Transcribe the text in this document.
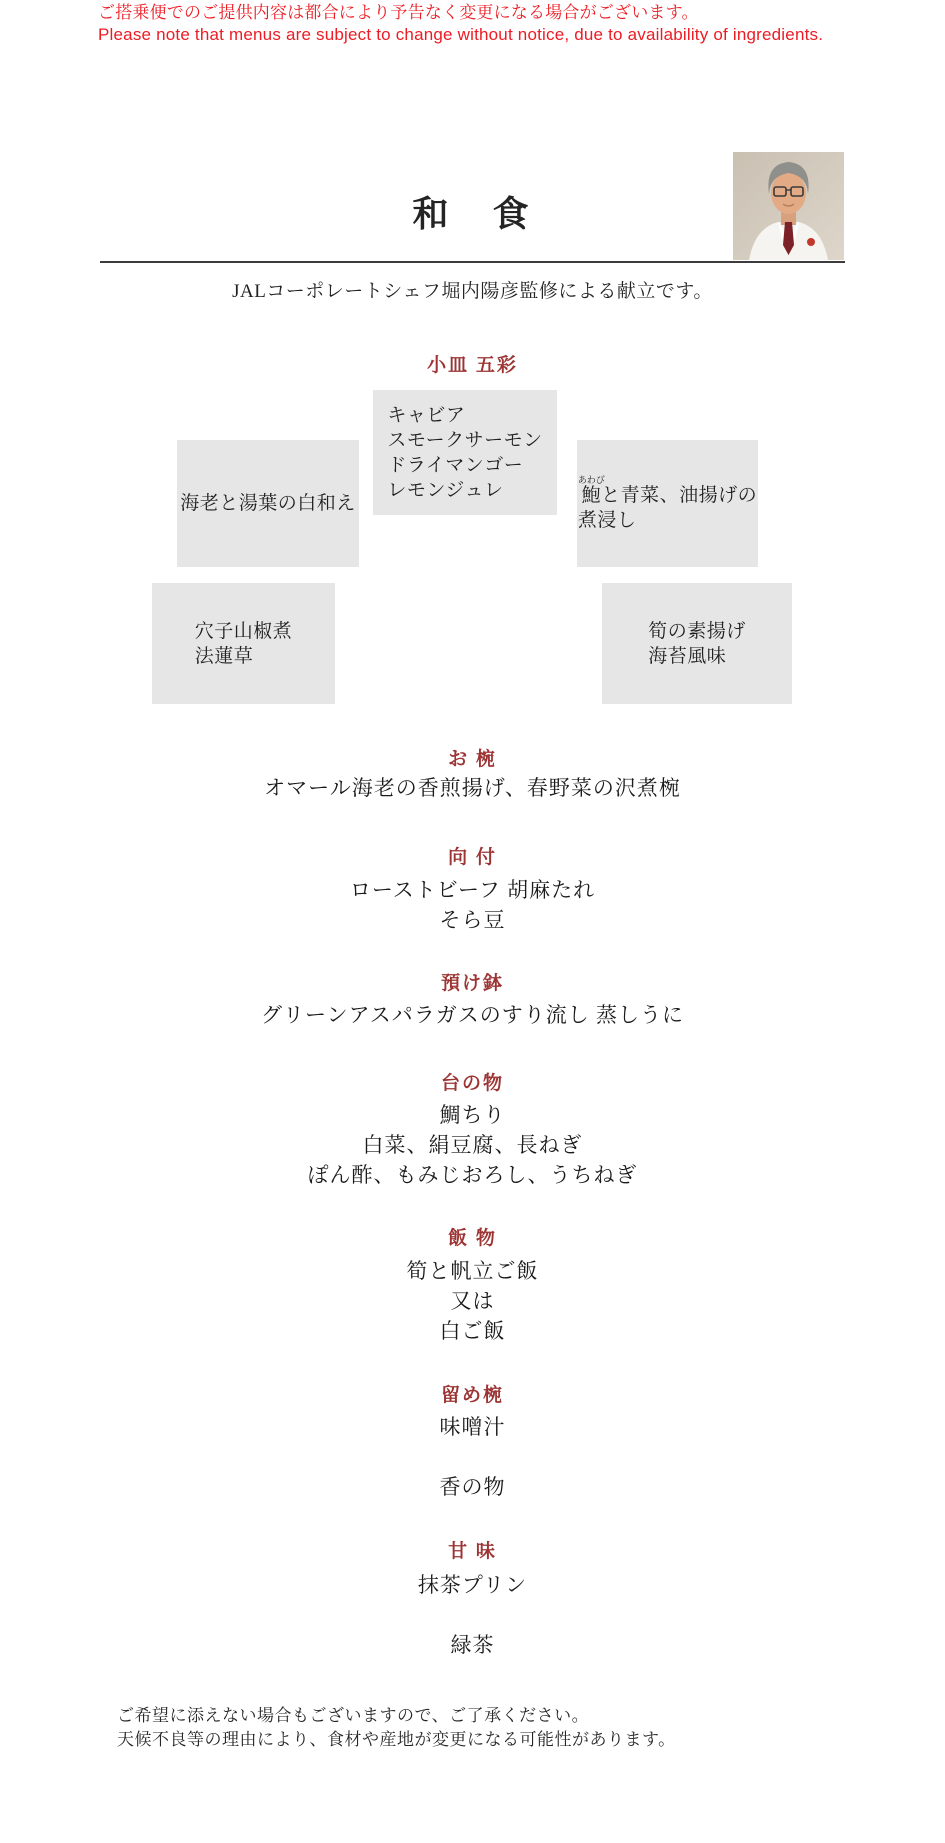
ご搭乗便でのご提供内容は都合により予告なく変更になる場合がございます。
Please note that menus are subject to change without notice, due to availability of ingredients.
和　食
JALコーポレートシェフ堀内陽彦監修による献立です。
小皿 五彩
キャビア
スモークサーモン
ドライマンゴー
レモンジュレ
海老と湯葉の白和え	鮑あわびと青菜、油揚げの
煮浸し
穴子山椒煮
法蓮草
筍の素揚げ
海苔風味
お 椀
オマール海老の香煎揚げ、春野菜の沢煮椀
向 付
ローストビーフ 胡麻たれ
そら豆
預け鉢
グリーンアスパラガスのすり流し 蒸しうに
台の物
鯛ちり
白菜、絹豆腐、長ねぎ
ぽん酢、もみじおろし、うちねぎ
飯 物
筍と帆立ご飯
又は
白ご飯
留め椀
味噌汁
香の物
甘 味
抹茶プリン
緑茶
ご希望に添えない場合もございますので、ご了承ください。
天候不良等の理由により、食材や産地が変更になる可能性があります。
